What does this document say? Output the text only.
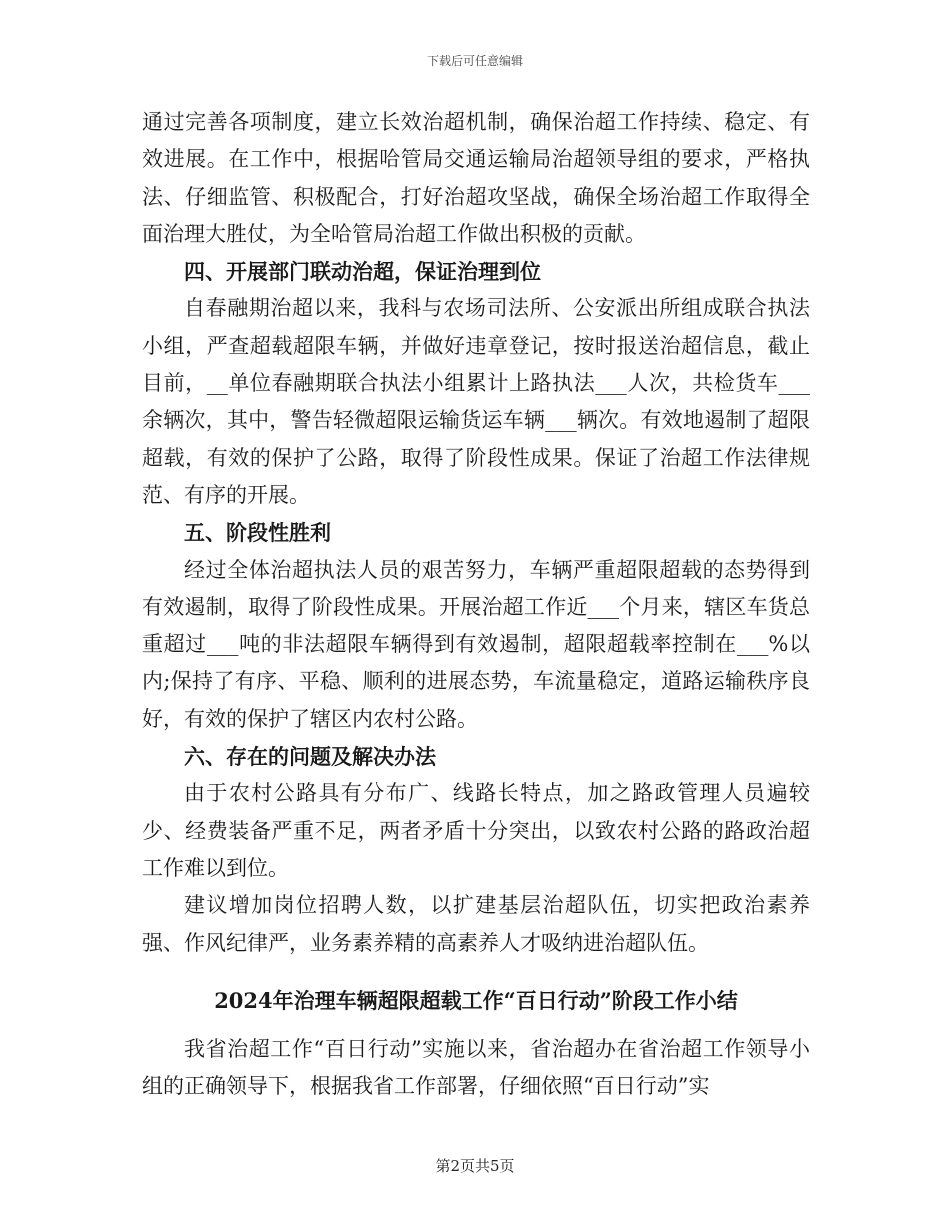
下载后可任意编辑

通过完善各项制度，建立长效治超机制，确保治超工作持续、稳定、有效进展。在工作中，根据哈管局交通运输局治超领导组的要求，严格执法、仔细监管、积极配合，打好治超攻坚战，确保全场治超工作取得全面治理大胜仗，为全哈管局治超工作做出积极的贡献。

四、开展部门联动治超，保证治理到位

自春融期治超以来，我科与农场司法所、公安派出所组成联合执法小组，严查超载超限车辆，并做好违章登记，按时报送治超信息，截止目前，__单位春融期联合执法小组累计上路执法___人次，共检货车___余辆次，其中，警告轻微超限运输货运车辆___辆次。有效地遏制了超限超载，有效的保护了公路，取得了阶段性成果。保证了治超工作法律规范、有序的开展。

五、阶段性胜利

经过全体治超执法人员的艰苦努力，车辆严重超限超载的态势得到有效遏制，取得了阶段性成果。开展治超工作近___个月来，辖区车货总重超过___吨的非法超限车辆得到有效遏制，超限超载率控制在___%以内;保持了有序、平稳、顺利的进展态势，车流量稳定，道路运输秩序良好，有效的保护了辖区内农村公路。

六、存在的问题及解决办法

由于农村公路具有分布广、线路长特点，加之路政管理人员遍较少、经费装备严重不足，两者矛盾十分突出，以致农村公路的路政治超工作难以到位。

建议增加岗位招聘人数，以扩建基层治超队伍，切实把政治素养强、作风纪律严，业务素养精的高素养人才吸纳进治超队伍。

2024年治理车辆超限超载工作“百日行动”阶段工作小结

我省治超工作“百日行动”实施以来，省治超办在省治超工作领导小组的正确领导下，根据我省工作部署，仔细依照“百日行动”实

第2页共5页
